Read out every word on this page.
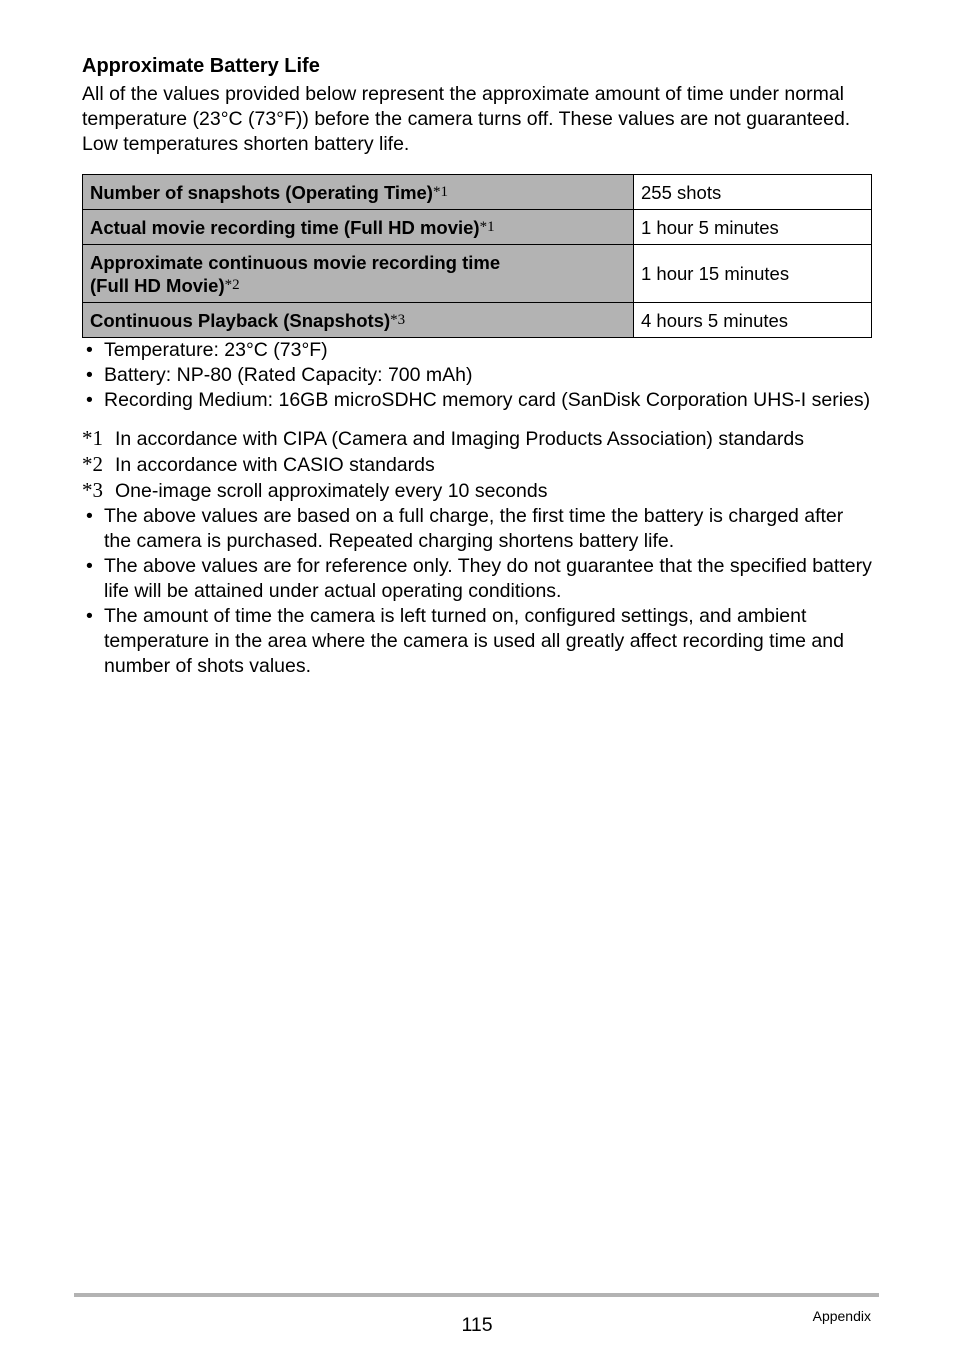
Approximate Battery Life

All of the values provided below represent the approximate amount of time under normal temperature (23°C (73°F)) before the camera turns off. These values are not guaranteed. Low temperatures shorten battery life.

Number of snapshots (Operating Time)*1	255 shots
Actual movie recording time (Full HD movie)*1	1 hour 5 minutes
Approximate continuous movie recording time
(Full HD Movie)*2	1 hour 15 minutes
Continuous Playback (Snapshots)*3	4 hours 5 minutes
• Temperature: 23°C (73°F)
• Battery: NP-80 (Rated Capacity: 700 mAh)
• Recording Medium: 16GB microSDHC memory card (SanDisk Corporation UHS-I series)
*1 In accordance with CIPA (Camera and Imaging Products Association) standards
*2 In accordance with CASIO standards
*3 One-image scroll approximately every 10 seconds
• The above values are based on a full charge, the first time the battery is charged after the camera is purchased. Repeated charging shortens battery life.
• The above values are for reference only. They do not guarantee that the specified battery life will be attained under actual operating conditions.
• The amount of time the camera is left turned on, configured settings, and ambient temperature in the area where the camera is used all greatly affect recording time and number of shots values.
115	Appendix
